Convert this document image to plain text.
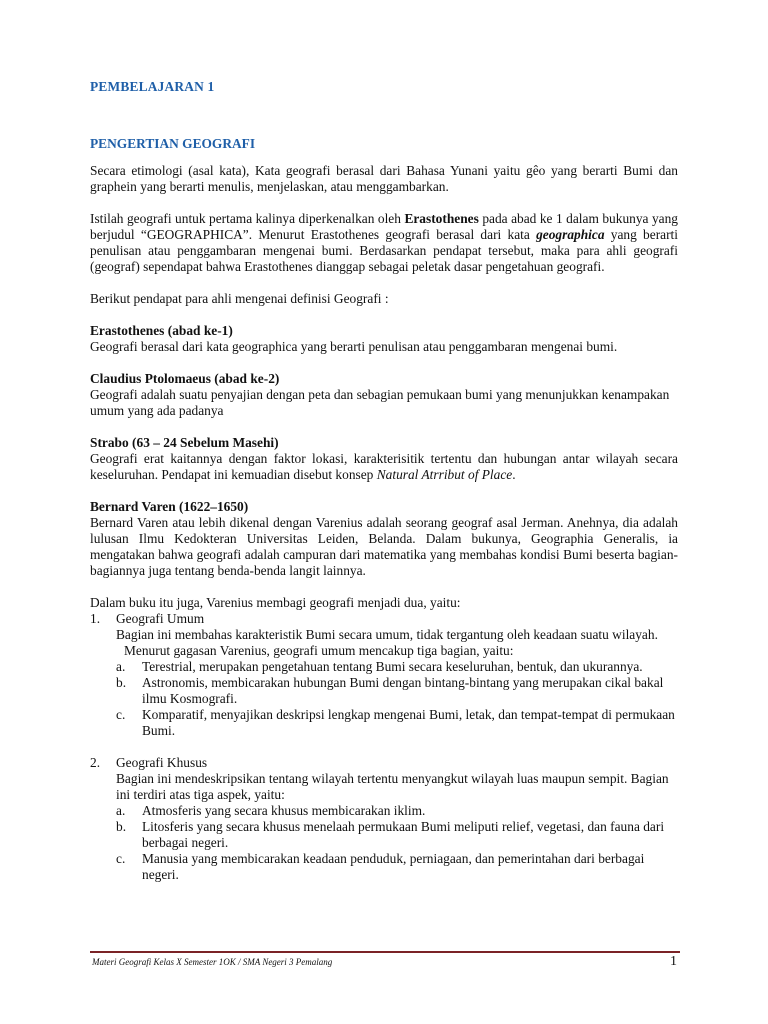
PEMBELAJARAN 1
PENGERTIAN GEOGRAFI

Secara etimologi (asal kata), Kata geografi berasal dari Bahasa Yunani yaitu gêo yang berarti Bumi dan graphein yang berarti menulis, menjelaskan, atau menggambarkan.

Istilah geografi untuk pertama kalinya diperkenalkan oleh Erastothenes pada abad ke 1 dalam bukunya yang berjudul “GEOGRAPHICA”. Menurut Erastothenes geografi berasal dari kata geographica yang berarti penulisan atau penggambaran mengenai bumi. Berdasarkan pendapat tersebut, maka para ahli geografi (geograf) sependapat bahwa Erastothenes dianggap sebagai peletak dasar pengetahuan geografi.

Berikut pendapat para ahli mengenai definisi Geografi :

Erastothenes (abad ke-1)

Geografi berasal dari kata geographica yang berarti penulisan atau penggambaran mengenai bumi.

Claudius Ptolomaeus (abad ke-2)

Geografi adalah suatu penyajian dengan peta dan sebagian pemukaan bumi yang menunjukkan kenampakan umum yang ada padanya

Strabo (63 – 24 Sebelum Masehi)

Geografi erat kaitannya dengan faktor lokasi, karakterisitik tertentu dan hubungan antar wilayah secara keseluruhan. Pendapat ini kemuadian disebut konsep Natural Atrribut of Place.

Bernard Varen (1622–1650)

Bernard Varen atau lebih dikenal dengan Varenius adalah seorang geograf asal Jerman. Anehnya, dia adalah lulusan Ilmu Kedokteran Universitas Leiden, Belanda. Dalam bukunya, Geographia Generalis, ia mengatakan bahwa geografi adalah campuran dari matematika yang membahas kondisi Bumi beserta bagian-bagiannya juga tentang benda-benda langit lainnya.

Dalam buku itu juga, Varenius membagi geografi menjadi dua, yaitu:

1.	Geografi Umum

Bagian ini membahas karakteristik Bumi secara umum, tidak tergantung oleh keadaan suatu wilayah. Menurut gagasan Varenius, geografi umum mencakup tiga bagian, yaitu:

a. Terestrial, merupakan pengetahuan tentang Bumi secara keseluruhan, bentuk, dan ukurannya.
b. Astronomis, membicarakan hubungan Bumi dengan bintang-bintang yang merupakan cikal bakal ilmu Kosmografi.
c. Komparatif, menyajikan deskripsi lengkap mengenai Bumi, letak, dan tempat-tempat di permukaan Bumi.
2.	Geografi Khusus

Bagian ini mendeskripsikan tentang wilayah tertentu menyangkut wilayah luas maupun sempit. Bagian ini terdiri atas tiga aspek, yaitu:

a. Atmosferis yang secara khusus membicarakan iklim.
b. Litosferis yang secara khusus menelaah permukaan Bumi meliputi relief, vegetasi, dan fauna dari berbagai negeri.
c. Manusia yang membicarakan keadaan penduduk, perniagaan, dan pemerintahan dari berbagai negeri.
Materi Geografi Kelas X Semester 1OK / SMA Negeri 3 Pemalang	1
